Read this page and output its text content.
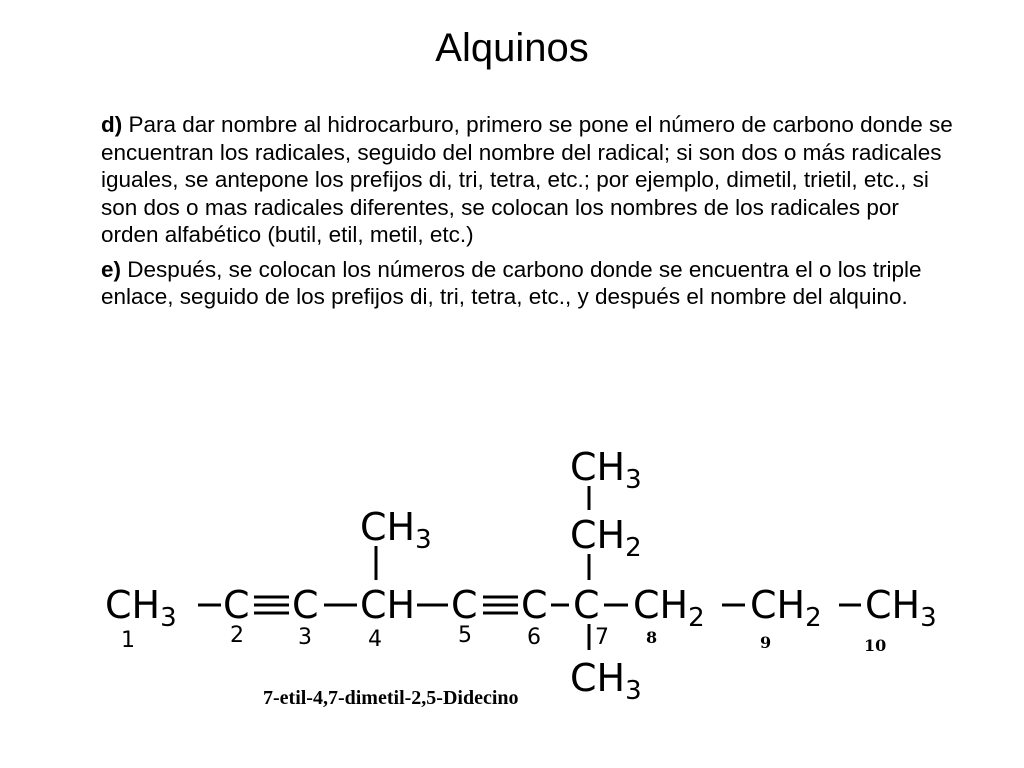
Alquinos

d) Para dar nombre al hidrocarburo, primero se pone el número de carbono donde se encuentran los radicales, seguido del nombre del radical; si son dos o más radicales iguales, se antepone los prefijos di, tri, tetra, etc.; por ejemplo, dimetil, trietil, etc., si son dos o mas radicales diferentes, se colocan los nombres de los radicales por orden alfabético (butil, etil, metil, etc.)

e) Después, se colocan los números de carbono donde se encuentra el o los triple enlace, seguido de los prefijos di, tri, tetra, etc., y después el nombre del alquino.

$CH_3$ C C CH C C C $CH_2$ $CH_2$ $CH_3$
$CH_3$
$CH_3$
$CH_2$
$CH_3$
1	2 3	4	5	6 7 8	9	10
7-etil-4,7-dimetil-2,5-Didecino
